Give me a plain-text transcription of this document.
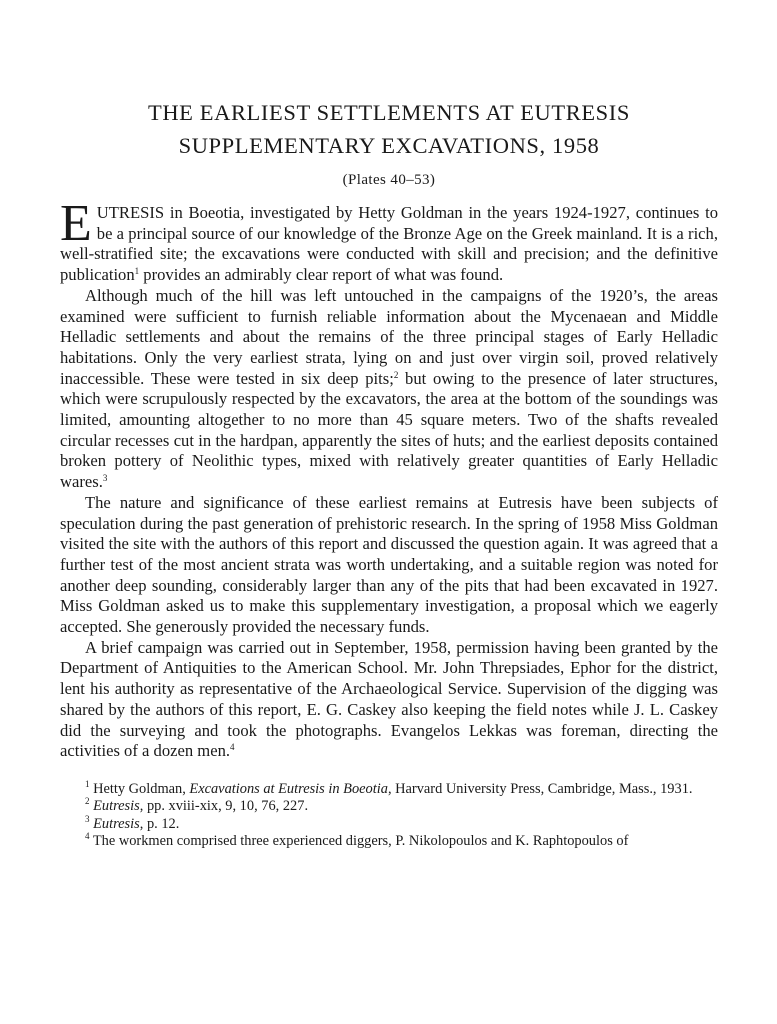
THE EARLIEST SETTLEMENTS AT EUTRESIS
SUPPLEMENTARY EXCAVATIONS, 1958
(Plates 40–53)

EUTRESIS in Boeotia, investigated by Hetty Goldman in the years 1924-1927, continues to be a principal source of our knowledge of the Bronze Age on the Greek mainland. It is a rich, well-stratified site; the excavations were conducted with skill and precision; and the definitive publication$^1$ provides an admirably clear report of what was found.

Although much of the hill was left untouched in the campaigns of the 1920’s, the areas examined were sufficient to furnish reliable information about the Mycenaean and Middle Helladic settlements and about the remains of the three principal stages of Early Helladic habitations. Only the very earliest strata, lying on and just over virgin soil, proved relatively inaccessible. These were tested in six deep pits;$^2$ but owing to the presence of later structures, which were scrupulously respected by the excavators, the area at the bottom of the soundings was limited, amounting altogether to no more than 45 square meters. Two of the shafts revealed circular recesses cut in the hardpan, apparently the sites of huts; and the earliest deposits contained broken pottery of Neolithic types, mixed with relatively greater quantities of Early Helladic wares.$^3$

The nature and significance of these earliest remains at Eutresis have been subjects of speculation during the past generation of prehistoric research. In the spring of 1958 Miss Goldman visited the site with the authors of this report and discussed the question again. It was agreed that a further test of the most ancient strata was worth undertaking, and a suitable region was noted for another deep sounding, considerably larger than any of the pits that had been excavated in 1927. Miss Goldman asked us to make this supplementary investigation, a proposal which we eagerly accepted. She generously provided the necessary funds.

A brief campaign was carried out in September, 1958, permission having been granted by the Department of Antiquities to the American School. Mr. John Threpsiades, Ephor for the district, lent his authority as representative of the Archaeological Service. Supervision of the digging was shared by the authors of this report, E. G. Caskey also keeping the field notes while J. L. Caskey did the surveying and took the photographs. Evangelos Lekkas was foreman, directing the activities of a dozen men.$^4$

$^1$ Hetty Goldman, Excavations at Eutresis in Boeotia, Harvard University Press, Cambridge, Mass., 1931.

$^2$ Eutresis, pp. xviii-xix, 9, 10, 76, 227.

$^3$ Eutresis, p. 12.

$^4$ The workmen comprised three experienced diggers, P. Nikolopoulos and K. Raphtopoulos of
